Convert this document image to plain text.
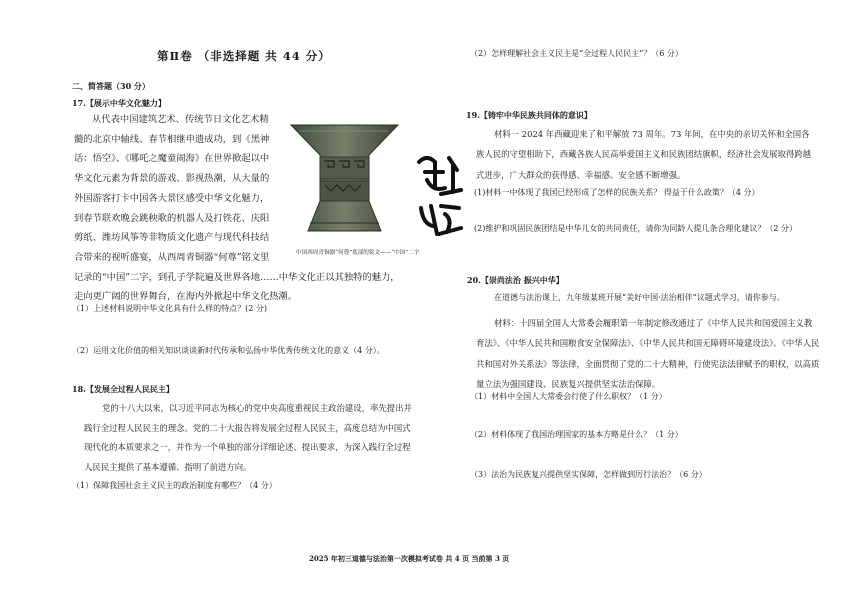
第Ⅱ卷 （非选择题 共 44 分）
二、简答题（30 分）
17.【展示中华文化魅力】
从代表中国建筑艺术、传统节日文化艺术精
髓的北京中轴线、春节相继申遗成功，到《黑神
话：悟空》、《哪吒之魔童闹海》在世界掀起以中
华文化元素为背景的游戏、影视热潮，从大量的
外国游客打卡中国各大景区感受中华文化魅力，
到春节联欢晚会跳秧歌的机器人及打铁花、庆阳
剪纸、潍坊风筝等非物质文化遗产与现代科技结
合带来的视听盛宴，从西周青铜器“何尊”铭文里
记录的“中国”二字，到孔子学院遍及世界各地……中华文化正以其独特的魅力，
走向更广阔的世界舞台，在海内外掀起中华文化热潮。
中国西周青铜器“何尊”底部的铭文——“中国”二字
（1）上述材料说明中华文化具有什么样的特点？(2 分)
（2）运用文化价值的相关知识谈谈新时代传承和弘扬中华优秀传统文化的意义（4 分）。
18.【发展全过程人民民主】
党的十八大以来，以习近平同志为核心的党中央高度重视民主政治建设，率先提出并
践行全过程人民民主的理念。党的二十大报告将发展全过程人民民主，高度总结为中国式
现代化的本质要求之一，并作为一个单独的部分详细论述、提出要求，为深入践行全过程
人民民主提供了基本遵循、指明了前进方向。
（1）保障我国社会主义民主的政治制度有哪些？（4 分）
（2）怎样理解社会主义民主是“全过程人民民主”？（6 分）
19.【铸牢中华民族共同体的意识】
材料一 2024 年西藏迎来了和平解放 73 周年。73 年间，在中央的亲切关怀和全国各
族人民的守望相助下，西藏各族人民高举爱国主义和民族团结旗帜，经济社会发展取得跨越
式进步，广大群众的获得感、幸福感、安全感不断增强。
(1)材料一中体现了我国已经形成了怎样的民族关系？ 得益于什么政策？（4 分）
(2)维护和巩固民族团结是中华儿女的共同责任，请你为同龄人提几条合理化建议？（2 分）
20.【崇尚法治 振兴中华】
在道德与法治课上，九年级某班开展“美好中国·法治相伴”议题式学习，请你参与。
材料：十四届全国人大常委会履职第一年制定修改通过了《中华人民共和国爱国主义教
育法》、《中华人民共和国粮食安全保障法》、《中华人民共和国无障碍环境建设法》、《中华人民
共和国对外关系法》等法律，全面贯彻了党的二十大精神，行使宪法法律赋予的职权，以高质
量立法为强国建设、民族复兴提供坚实法治保障。
（1）材料中全国人大常委会行使了什么职权？（1 分）
（2）材料体现了我国治理国家的基本方略是什么？（1 分）
（3）法治为民族复兴提供坚实保障，怎样做到厉行法治？（6 分）
2025 年初三道德与法治第一次模拟考试卷 共 4 页 当前第 3 页
